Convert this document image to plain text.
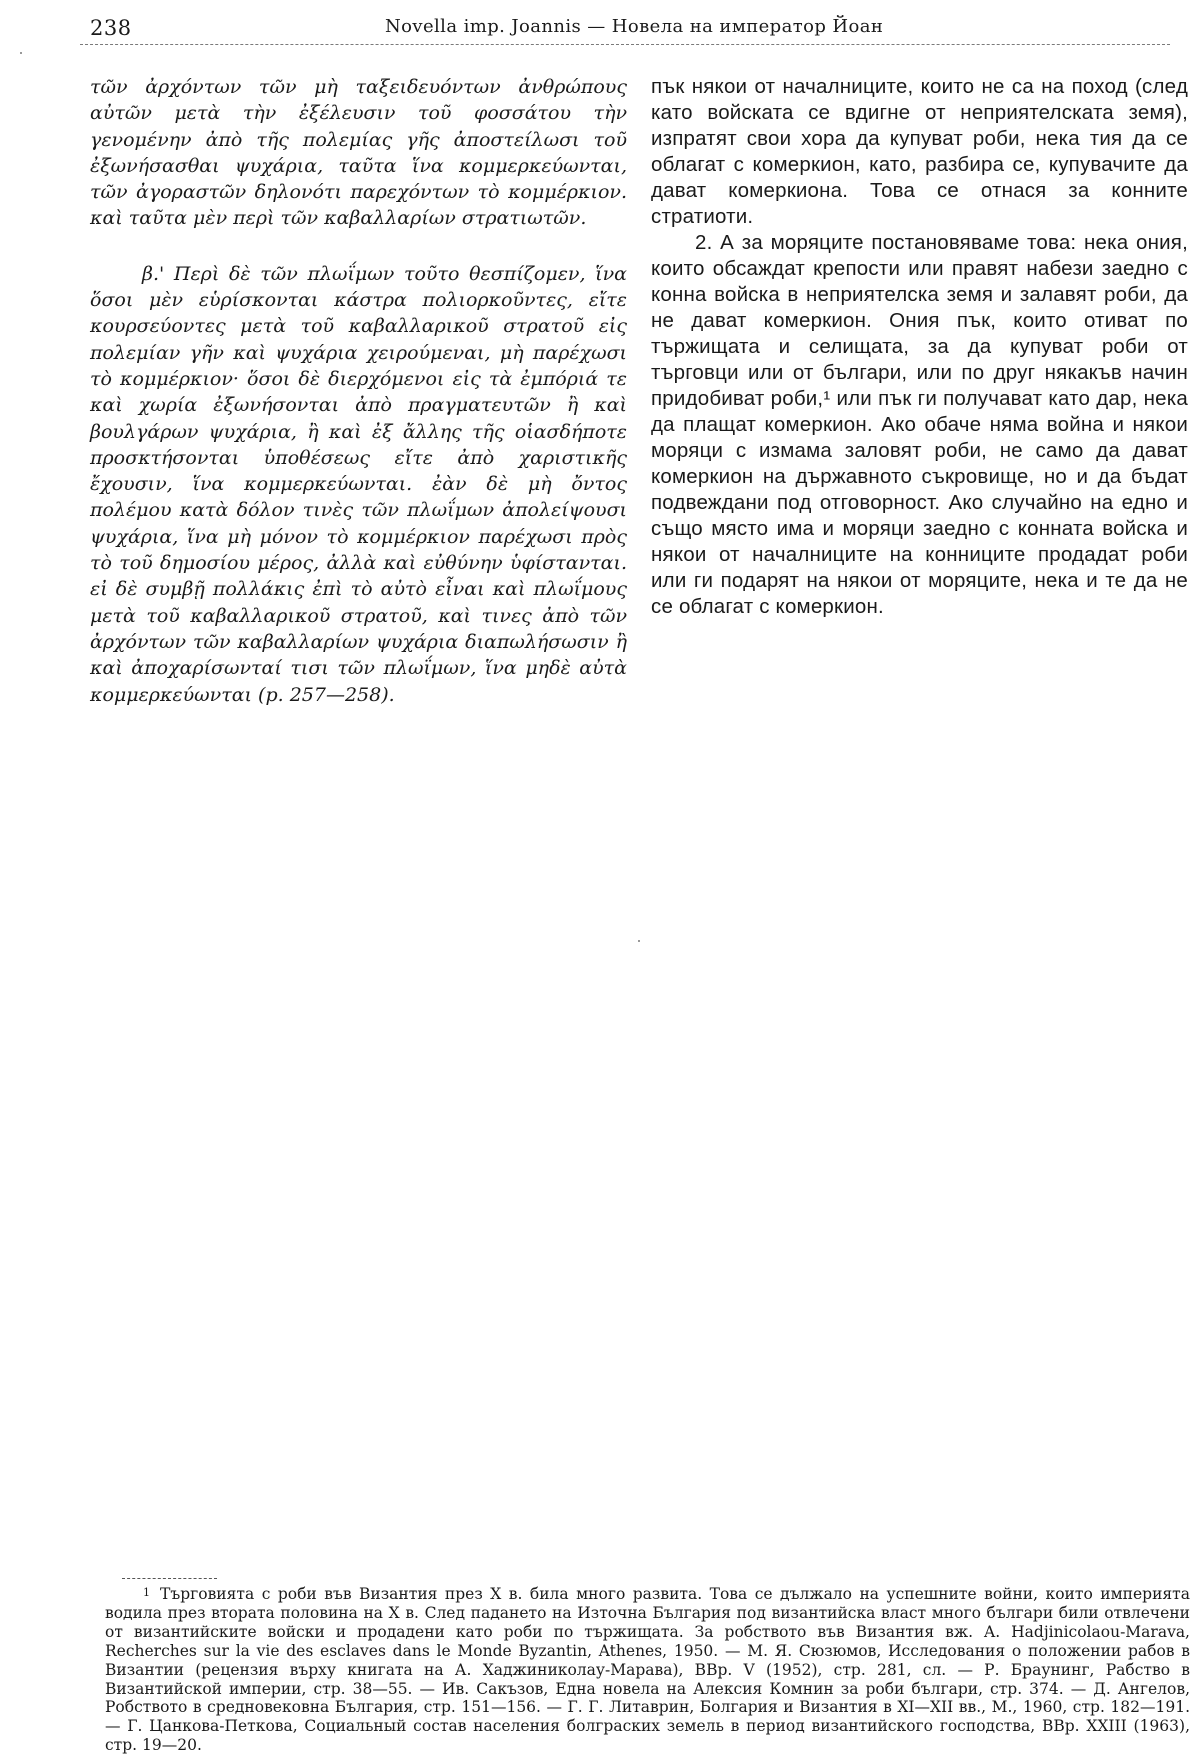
238	Novella imp. Joannis — Новела на император Йоан

τῶν ἀρχόντων τῶν μὴ ταξειδευόντων ἀνθρώπους αὐτῶν μετὰ τὴν ἐξέλευσιν τοῦ φοσσάτου τὴν γενομένην ἀπὸ τῆς πολεμίας γῆς ἀποστείλωσι τοῦ ἐξωνήσασθαι ψυχάρια, ταῦτα ἵνα κομμερκεύωνται, τῶν ἀγοραστῶν δηλονότι παρεχόντων τὸ κομμέρκιον. καὶ ταῦτα μὲν περὶ τῶν καβαλλαρίων στρατιωτῶν.

β.' Περὶ δὲ τῶν πλωΐμων τοῦτο θεσπίζομεν, ἵνα ὅσοι μὲν εὑρίσκονται κάστρα πολιορκοῦντες, εἴτε κουρσεύοντες μετὰ τοῦ καβαλλαρικοῦ στρατοῦ εἰς πολεμίαν γῆν καὶ ψυχάρια χειρούμεναι, μὴ παρέχωσι τὸ κομμέρκιον· ὅσοι δὲ διερχόμενοι εἰς τὰ ἐμπόριά τε καὶ χωρία ἐξωνήσονται ἀπὸ πραγματευτῶν ἢ καὶ βουλγάρων ψυχάρια, ἢ καὶ ἐξ ἄλλης τῆς οἱασδήποτε προσκτήσονται ὑποθέσεως εἴτε ἀπὸ χαριστικῆς ἔχουσιν, ἵνα κομμερκεύωνται. ἐὰν δὲ μὴ ὄντος πολέμου κατὰ δόλον τινὲς τῶν πλωΐμων ἀπολείψουσι ψυχάρια, ἵνα μὴ μόνον τὸ κομμέρκιον παρέχωσι πρὸς τὸ τοῦ δημοσίου μέρος, ἀλλὰ καὶ εὐθύνην ὑφίστανται. εἰ δὲ συμβῇ πολλάκις ἐπὶ τὸ αὐτὸ εἶναι καὶ πλωΐμους μετὰ τοῦ καβαλλαρικοῦ στρατοῦ, καὶ τινες ἀπὸ τῶν ἀρχόντων τῶν καβαλλαρίων ψυχάρια διαπωλήσωσιν ἢ καὶ ἀποχαρίσωνταί τισι τῶν πλωΐμων, ἵνα μηδὲ αὐτὰ κομμερκεύωνται (p. 257—258).

пък някои от началниците, които не са на поход (след като войската се вдигне от неприятелската земя), изпратят свои хора да купуват роби, нека тия да се облагат с комеркион, като, разбира се, купувачите да дават комеркиона. Това се отнася за конните стратиоти.

2. А за моряците постановяваме това: нека ония, които обсаждат крепости или правят набези заедно с конна войска в неприятелска земя и залавят роби, да не дават комеркион. Ония пък, които отиват по тържищата и селищата, за да купуват роби от търговци или от българи, или по друг някакъв начин придобиват роби,¹ или пък ги получават като дар, нека да плащат комеркион. Ако обаче няма война и някои моряци с измама заловят роби, не само да дават комеркион на държавното съкровище, но и да бъдат подвеждани под отговорност. Ако случайно на едно и също място има и моряци заедно с конната войска и някои от началниците на конниците продадат роби или ги подарят на някои от моряците, нека и те да не се облагат с комеркион.

1 Търговията с роби във Византия през X в. била много развита. Това се дължало на успешните войни, които империята водила през втората половина на X в. След падането на Източна България под византийска власт много българи били отвлечени от византийските войски и продадени като роби по тържищата. За робството във Византия вж. A. Hadjinicolaou-Marava, Recherches sur la vie des esclaves dans le Monde Byzantin, Athenes, 1950. — М. Я. Сюзюмов, Исследования о положении рабов в Византии (рецензия върху книгата на А. Хаджиниколау-Марава), ВВр. V (1952), стр. 281, сл. — Р. Браунинг, Рабство в Византийской империи, стр. 38—55. — Ив. Сакъзов, Една новела на Алексия Комнин за роби българи, стр. 374. — Д. Ангелов, Робството в средновековна България, стр. 151—156. — Г. Г. Литаврин, Болгария и Византия в XI—XII вв., М., 1960, стр. 182—191. — Г. Цанкова-Петкова, Социальный состав населения болграских земель в период византийского господства, ВВр. XXIII (1963), стр. 19—20.
